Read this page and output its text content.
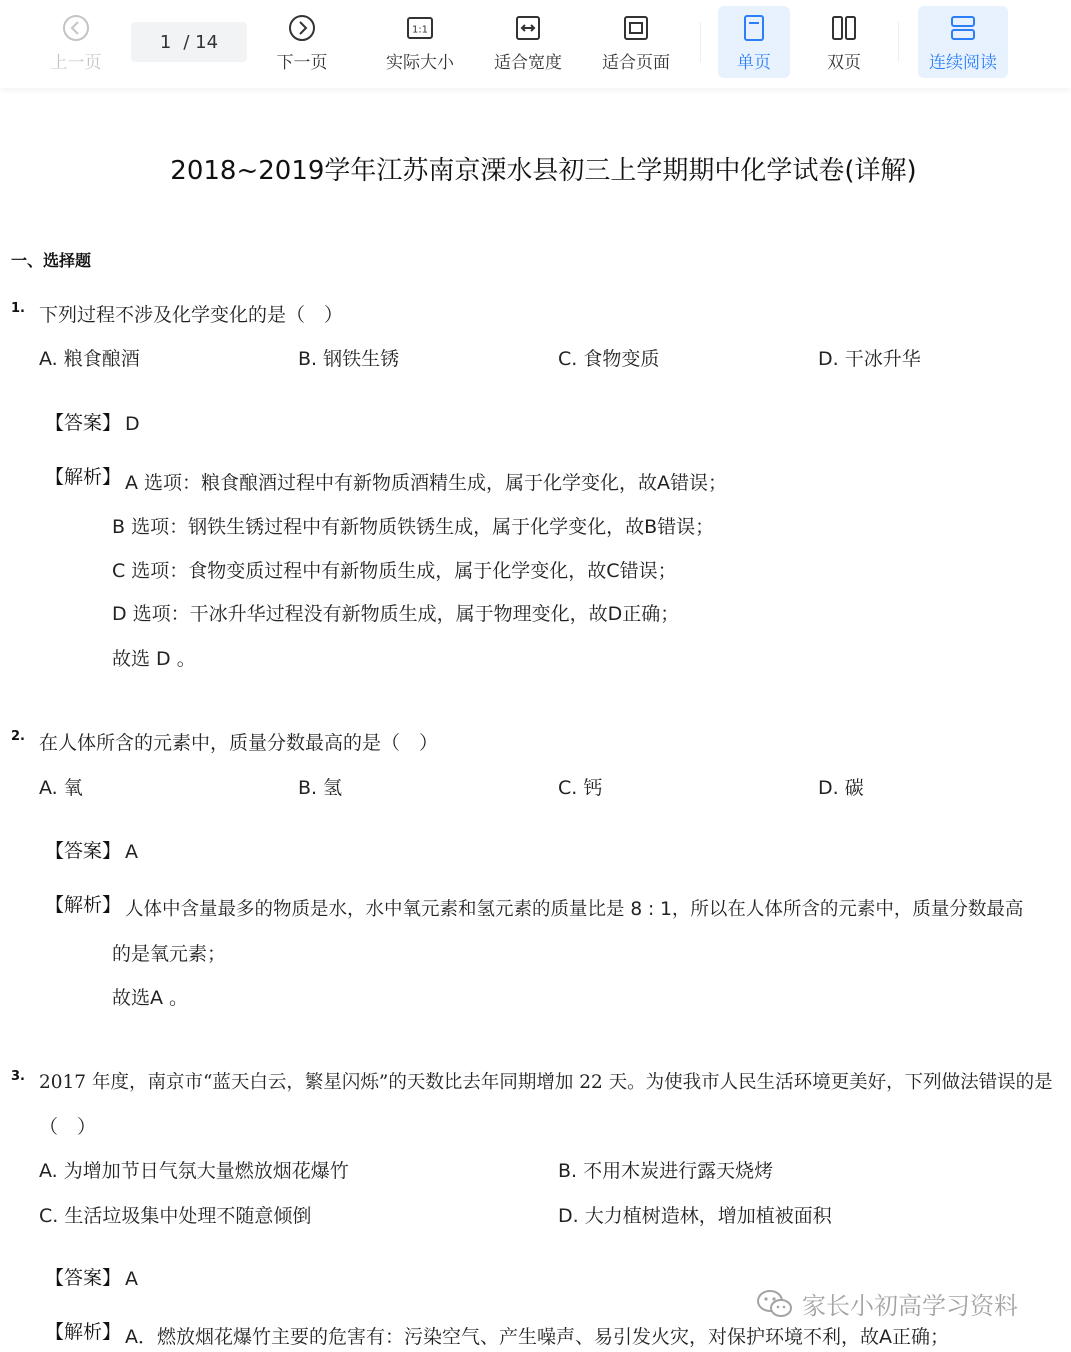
上一页
1 / 14
下一页
1:1
实际大小 适合宽度 适合页面	单页	双页	连续阅读
2018~2019学年江苏南京溧水县初三上学期期中化学试卷(详解)
一、选择题
1. 下列过程不涉及化学变化的是（　）
A. 粮食酿酒	B. 钢铁生锈	C. 食物变质	D. 干冰升华
【答案】 D
【解析】 A 选项：粮食酿酒过程中有新物质酒精生成，属于化学变化，故A错误；
B 选项：钢铁生锈过程中有新物质铁锈生成，属于化学变化，故B错误；
C 选项：食物变质过程中有新物质生成，属于化学变化，故C错误；
D 选项：干冰升华过程没有新物质生成，属于物理变化，故D正确；
故选 D 。
2. 在人体所含的元素中，质量分数最高的是（　）
A. 氧	B. 氢	C. 钙	D. 碳
【答案】 A
【解析】 人体中含量最多的物质是水，水中氧元素和氢元素的质量比是 8 : 1，所以在人体所含的元素中，质量分数最高
的是氧元素；
故选A 。
3. 2017 年度，南京市“蓝天白云，繁星闪烁”的天数比去年同期增加 22 天。为使我市人民生活环境更美好，下列做法错误的是
（　）
A. 为增加节日气氛大量燃放烟花爆竹	B. 不用木炭进行露天烧烤
C. 生活垃圾集中处理不随意倾倒	D. 大力植树造林，增加植被面积
【答案】 A
【解析】 A．燃放烟花爆竹主要的危害有：污染空气、产生噪声、易引发火灾，对保护环境不利，故A正确；
家长小初高学习资料
